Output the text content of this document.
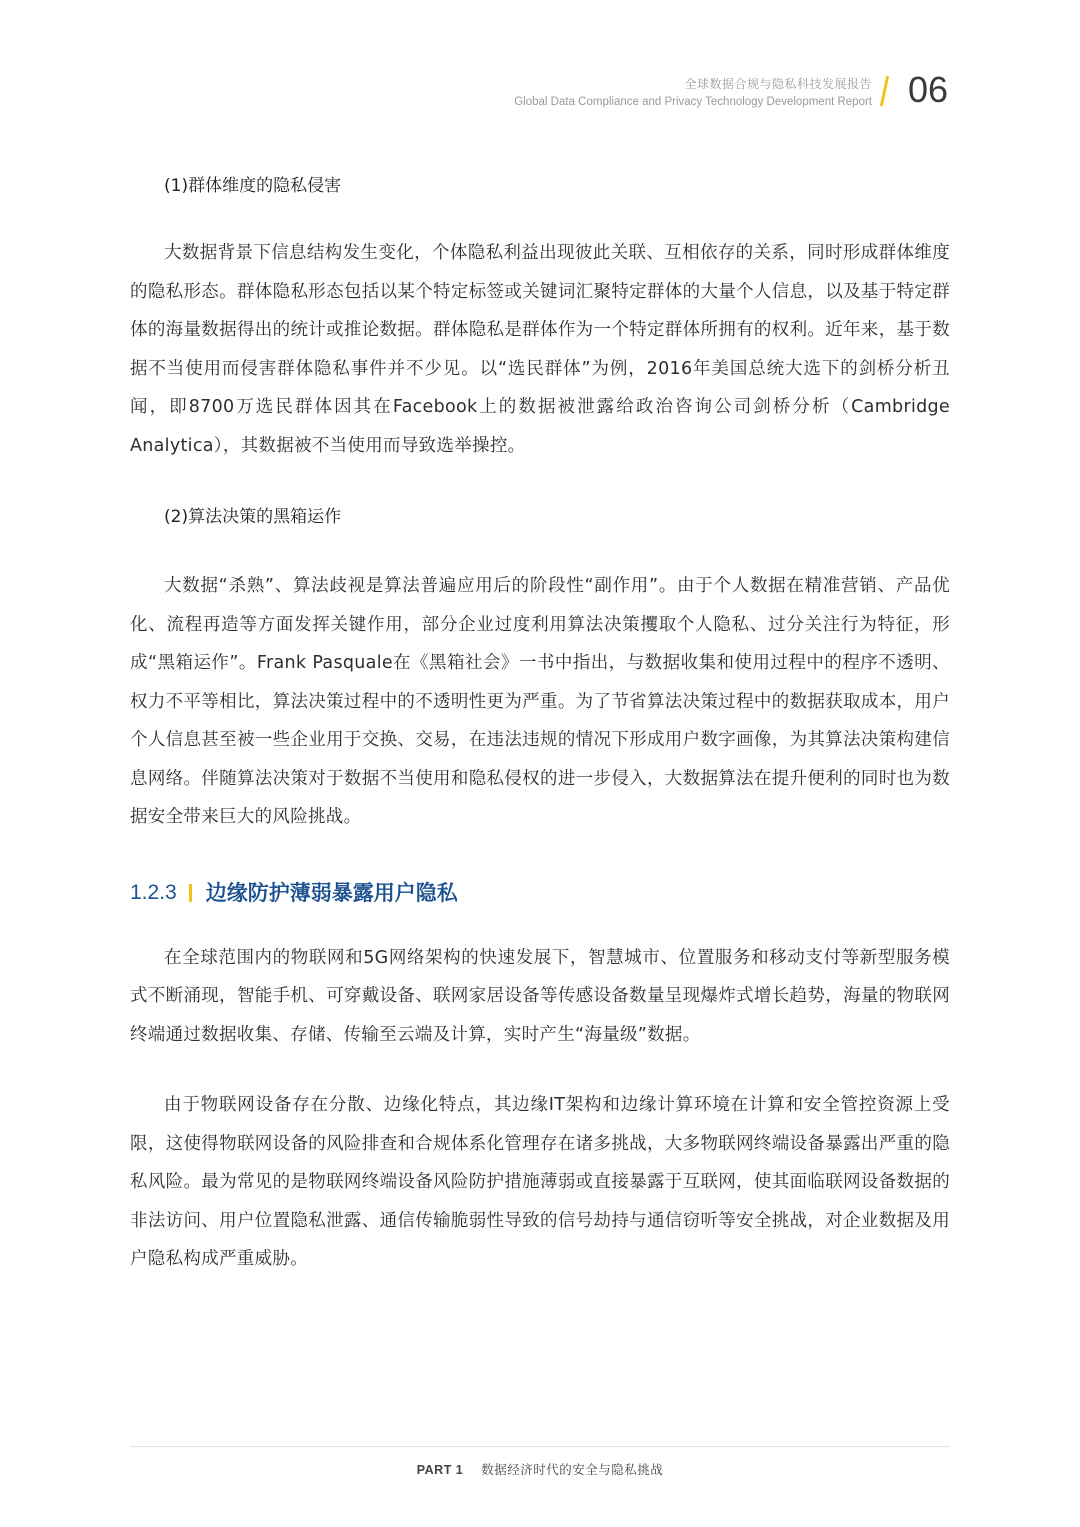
全球数据合规与隐私科技发展报告
Global Data Compliance and Privacy Technology Development Report 06
(1)群体维度的隐私侵害

大数据背景下信息结构发生变化，个体隐私利益出现彼此关联、互相依存的关系，同时形成群体维度的隐私形态。群体隐私形态包括以某个特定标签或关键词汇聚特定群体的大量个人信息，以及基于特定群体的海量数据得出的统计或推论数据。群体隐私是群体作为一个特定群体所拥有的权利。近年来，基于数据不当使用而侵害群体隐私事件并不少见。以“选民群体”为例，2016年美国总统大选下的剑桥分析丑闻，即8700万选民群体因其在Facebook上的数据被泄露给政治咨询公司剑桥分析（Cambridge Analytica），其数据被不当使用而导致选举操控。

(2)算法决策的黑箱运作

大数据“杀熟”、算法歧视是算法普遍应用后的阶段性“副作用”。由于个人数据在精准营销、产品优化、流程再造等方面发挥关键作用，部分企业过度利用算法决策攫取个人隐私、过分关注行为特征，形成“黑箱运作”。Frank Pasquale在《黑箱社会》一书中指出，与数据收集和使用过程中的程序不透明、权力不平等相比，算法决策过程中的不透明性更为严重。为了节省算法决策过程中的数据获取成本，用户个人信息甚至被一些企业用于交换、交易，在违法违规的情况下形成用户数字画像，为其算法决策构建信息网络。伴随算法决策对于数据不当使用和隐私侵权的进一步侵入，大数据算法在提升便利的同时也为数据安全带来巨大的风险挑战。

1.2.3 边缘防护薄弱暴露用户隐私

在全球范围内的物联网和5G网络架构的快速发展下，智慧城市、位置服务和移动支付等新型服务模式不断涌现，智能手机、可穿戴设备、联网家居设备等传感设备数量呈现爆炸式增长趋势，海量的物联网终端通过数据收集、存储、传输至云端及计算，实时产生“海量级”数据。

由于物联网设备存在分散、边缘化特点，其边缘IT架构和边缘计算环境在计算和安全管控资源上受限，这使得物联网设备的风险排查和合规体系化管理存在诸多挑战，大多物联网终端设备暴露出严重的隐私风险。最为常见的是物联网终端设备风险防护措施薄弱或直接暴露于互联网，使其面临联网设备数据的非法访问、用户位置隐私泄露、通信传输脆弱性导致的信号劫持与通信窃听等安全挑战，对企业数据及用户隐私构成严重威胁。

PART 1 数据经济时代的安全与隐私挑战
